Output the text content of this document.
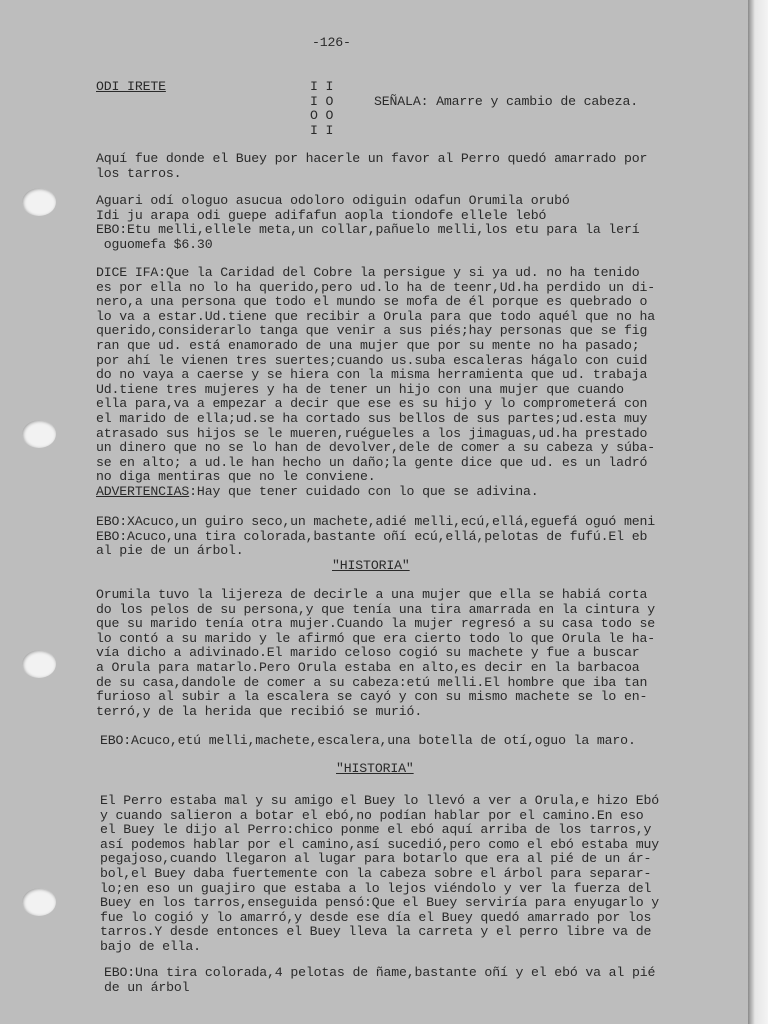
-126-
ODI IRETE	I I
I O
O O
I I
SEÑALA: Amarre y cambio de cabeza.
Aquí fue donde el Buey por hacerle un favor al Perro quedó amarrado por
los tarros.
Aguari odí ologuo asucua odoloro odiguin odafun Orumila orubó
Idi ju arapa odi guepe adifafun aopla tiondofe ellele lebó
EBO:Etu melli,ellele meta,un collar,pañuelo melli,los etu para la lerí
oguomefa $6.30
DICE IFA:Que la Caridad del Cobre la persigue y si ya ud. no ha tenido
es por ella no lo ha querido,pero ud.lo ha de teenr,Ud.ha perdido un di-
nero,a una persona que todo el mundo se mofa de él porque es quebrado o
lo va a estar.Ud.tiene que recibir a Orula para que todo aquél que no ha
querido,considerarlo tanga que venir a sus piés;hay personas que se fig
ran que ud. está enamorado de una mujer que por su mente no ha pasado;
por ahí le vienen tres suertes;cuando us.suba escaleras hágalo con cuid
do no vaya a caerse y se hiera con la misma herramienta que ud. trabaja
Ud.tiene tres mujeres y ha de tener un hijo con una mujer que cuando
ella para,va a empezar a decir que ese es su hijo y lo comprometerá con
el marido de ella;ud.se ha cortado sus bellos de sus partes;ud.esta muy
atrasado sus hijos se le mueren,ruégueles a los jimaguas,ud.ha prestado
un dinero que no se lo han de devolver,dele de comer a su cabeza y súba-
se en alto; a ud.le han hecho un daño;la gente dice que ud. es un ladró
no diga mentiras que no le conviene.
ADVERTENCIAS:Hay que tener cuidado con lo que se adivina.
EBO:XAcuco,un guiro seco,un machete,adié melli,ecú,ellá,eguefá oguó meni
EBO:Acuco,una tira colorada,bastante oñí ecú,ellá,pelotas de fufú.El eb
al pie de un árbol.
"HISTORIA"
Orumila tuvo la lijereza de decirle a una mujer que ella se habiá corta
do los pelos de su persona,y que tenía una tira amarrada en la cintura y
que su marido tenía otra mujer.Cuando la mujer regresó a su casa todo se
lo contó a su marido y le afirmó que era cierto todo lo que Orula le ha-
vía dicho a adivinado.El marido celoso cogió su machete y fue a buscar
a Orula para matarlo.Pero Orula estaba en alto,es decir en la barbacoa
de su casa,dandole de comer a su cabeza:etú melli.El hombre que iba tan
furioso al subir a la escalera se cayó y con su mismo machete se lo en-
terró,y de la herida que recibió se murió.
EBO:Acuco,etú melli,machete,escalera,una botella de otí,oguo la maro.
"HISTORIA"
El Perro estaba mal y su amigo el Buey lo llevó a ver a Orula,e hizo Ebó
y cuando salieron a botar el ebó,no podían hablar por el camino.En eso
el Buey le dijo al Perro:chico ponme el ebó aquí arriba de los tarros,y
así podemos hablar por el camino,así sucedió,pero como el ebó estaba muy
pegajoso,cuando llegaron al lugar para botarlo que era al pié de un ár-
bol,el Buey daba fuertemente con la cabeza sobre el árbol para separar-
lo;en eso un guajiro que estaba a lo lejos viéndolo y ver la fuerza del
Buey en los tarros,enseguida pensó:Que el Buey serviría para enyugarlo y
fue lo cogió y lo amarró,y desde ese día el Buey quedó amarrado por los
tarros.Y desde entonces el Buey lleva la carreta y el perro libre va de
bajo de ella.
EBO:Una tira colorada,4 pelotas de ñame,bastante oñí y el ebó va al pié
de un árbol
